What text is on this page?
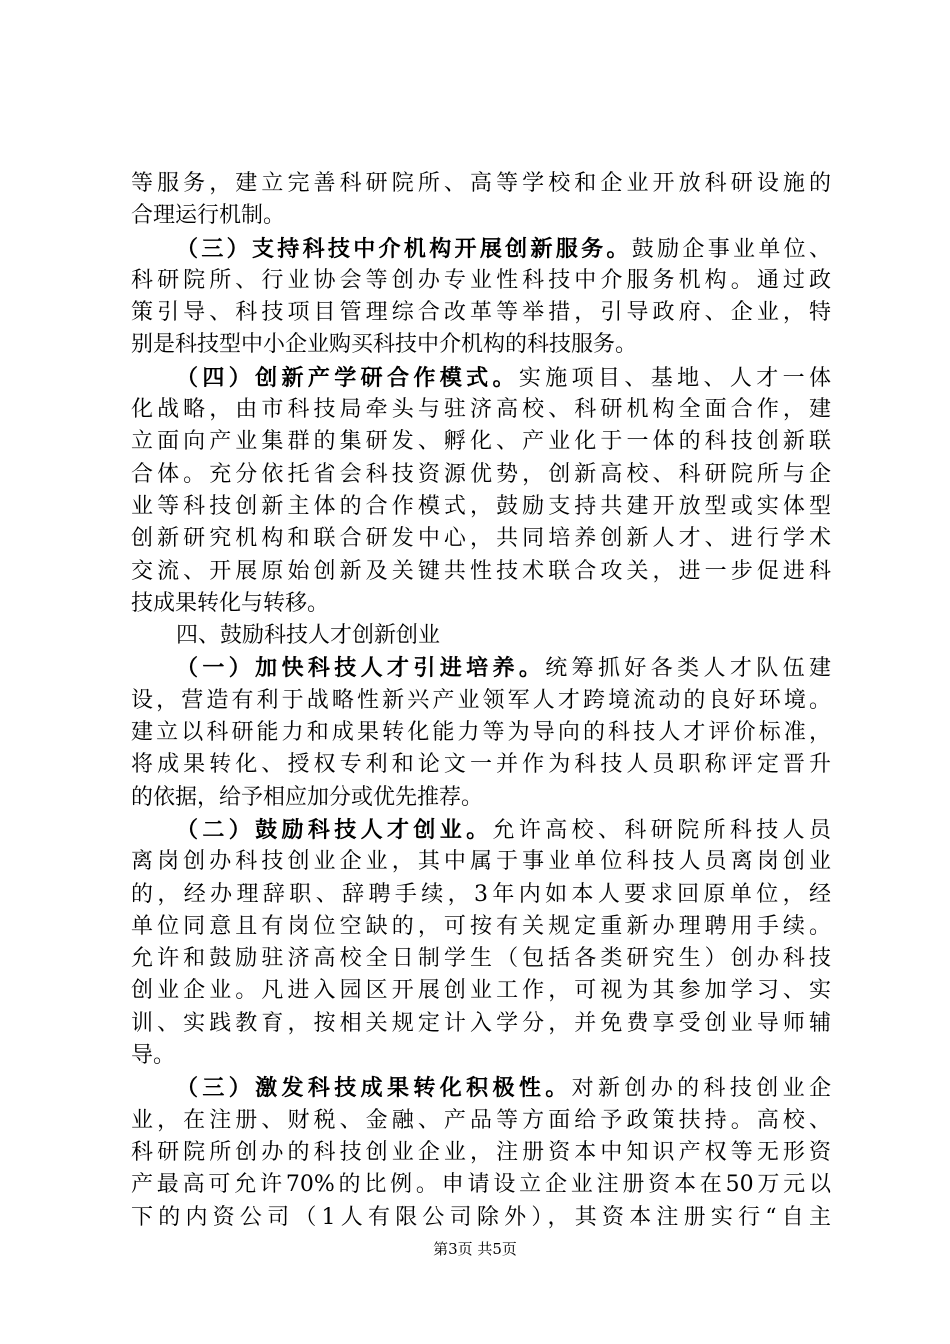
等服务，建立完善科研院所、高等学校和企业开放科研设施的
合理运行机制。
（三）支持科技中介机构开展创新服务。鼓励企事业单位、
科研院所、行业协会等创办专业性科技中介服务机构。通过政
策引导、科技项目管理综合改革等举措，引导政府、企业，特
别是科技型中小企业购买科技中介机构的科技服务。
（四）创新产学研合作模式。实施项目、基地、人才一体
化战略，由市科技局牵头与驻济高校、科研机构全面合作，建
立面向产业集群的集研发、孵化、产业化于一体的科技创新联
合体。充分依托省会科技资源优势，创新高校、科研院所与企
业等科技创新主体的合作模式，鼓励支持共建开放型或实体型
创新研究机构和联合研发中心，共同培养创新人才、进行学术
交流、开展原始创新及关键共性技术联合攻关，进一步促进科
技成果转化与转移。
四、鼓励科技人才创新创业
（一）加快科技人才引进培养。统筹抓好各类人才队伍建
设，营造有利于战略性新兴产业领军人才跨境流动的良好环境。
建立以科研能力和成果转化能力等为导向的科技人才评价标准，
将成果转化、授权专利和论文一并作为科技人员职称评定晋升
的依据，给予相应加分或优先推荐。
（二）鼓励科技人才创业。允许高校、科研院所科技人员
离岗创办科技创业企业，其中属于事业单位科技人员离岗创业
的，经办理辞职、辞聘手续，3年内如本人要求回原单位，经
单位同意且有岗位空缺的，可按有关规定重新办理聘用手续。
允许和鼓励驻济高校全日制学生（包括各类研究生）创办科技
创业企业。凡进入园区开展创业工作，可视为其参加学习、实
训、实践教育，按相关规定计入学分，并免费享受创业导师辅
导。
（三）激发科技成果转化积极性。对新创办的科技创业企
业，在注册、财税、金融、产品等方面给予政策扶持。高校、
科研院所创办的科技创业企业，注册资本中知识产权等无形资
产最高可允许70%的比例。申请设立企业注册资本在50万元以
下的内资公司（1人有限公司除外），其资本注册实行“自主
第3页 共5页
